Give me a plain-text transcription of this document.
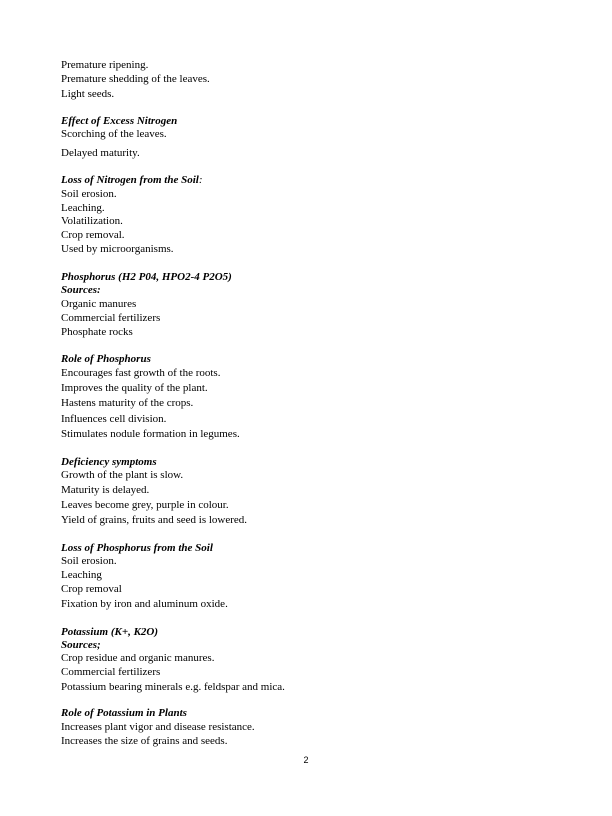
Premature ripening.
Premature shedding of the leaves.
Light seeds.
Effect of Excess Nitrogen
Scorching of the leaves.
Delayed maturity.
Loss of Nitrogen from the Soil:
Soil erosion.
Leaching.
Volatilization.
Crop removal.
Used by microorganisms.
Phosphorus (H2 P04, HPO2-4 P2O5)
Sources:
Organic manures
Commercial fertilizers
Phosphate rocks
Role of Phosphorus
Encourages fast growth of the roots.
Improves the quality of the plant.
Hastens maturity of the crops.
Influences cell division.
Stimulates nodule formation in legumes.
Deficiency symptoms
Growth of the plant is slow.
Maturity is delayed.
Leaves become grey, purple in colour.
Yield of grains, fruits and seed is lowered.
Loss of Phosphorus from the Soil
Soil erosion.
Leaching
Crop removal
Fixation by iron and aluminum oxide.
Potassium (K+, K2O)
Sources;
Crop residue and organic manures.
Commercial fertilizers
Potassium bearing minerals e.g. feldspar and mica.
Role of Potassium in Plants
Increases plant vigor and disease resistance.
Increases the size of grains and seeds.
2
